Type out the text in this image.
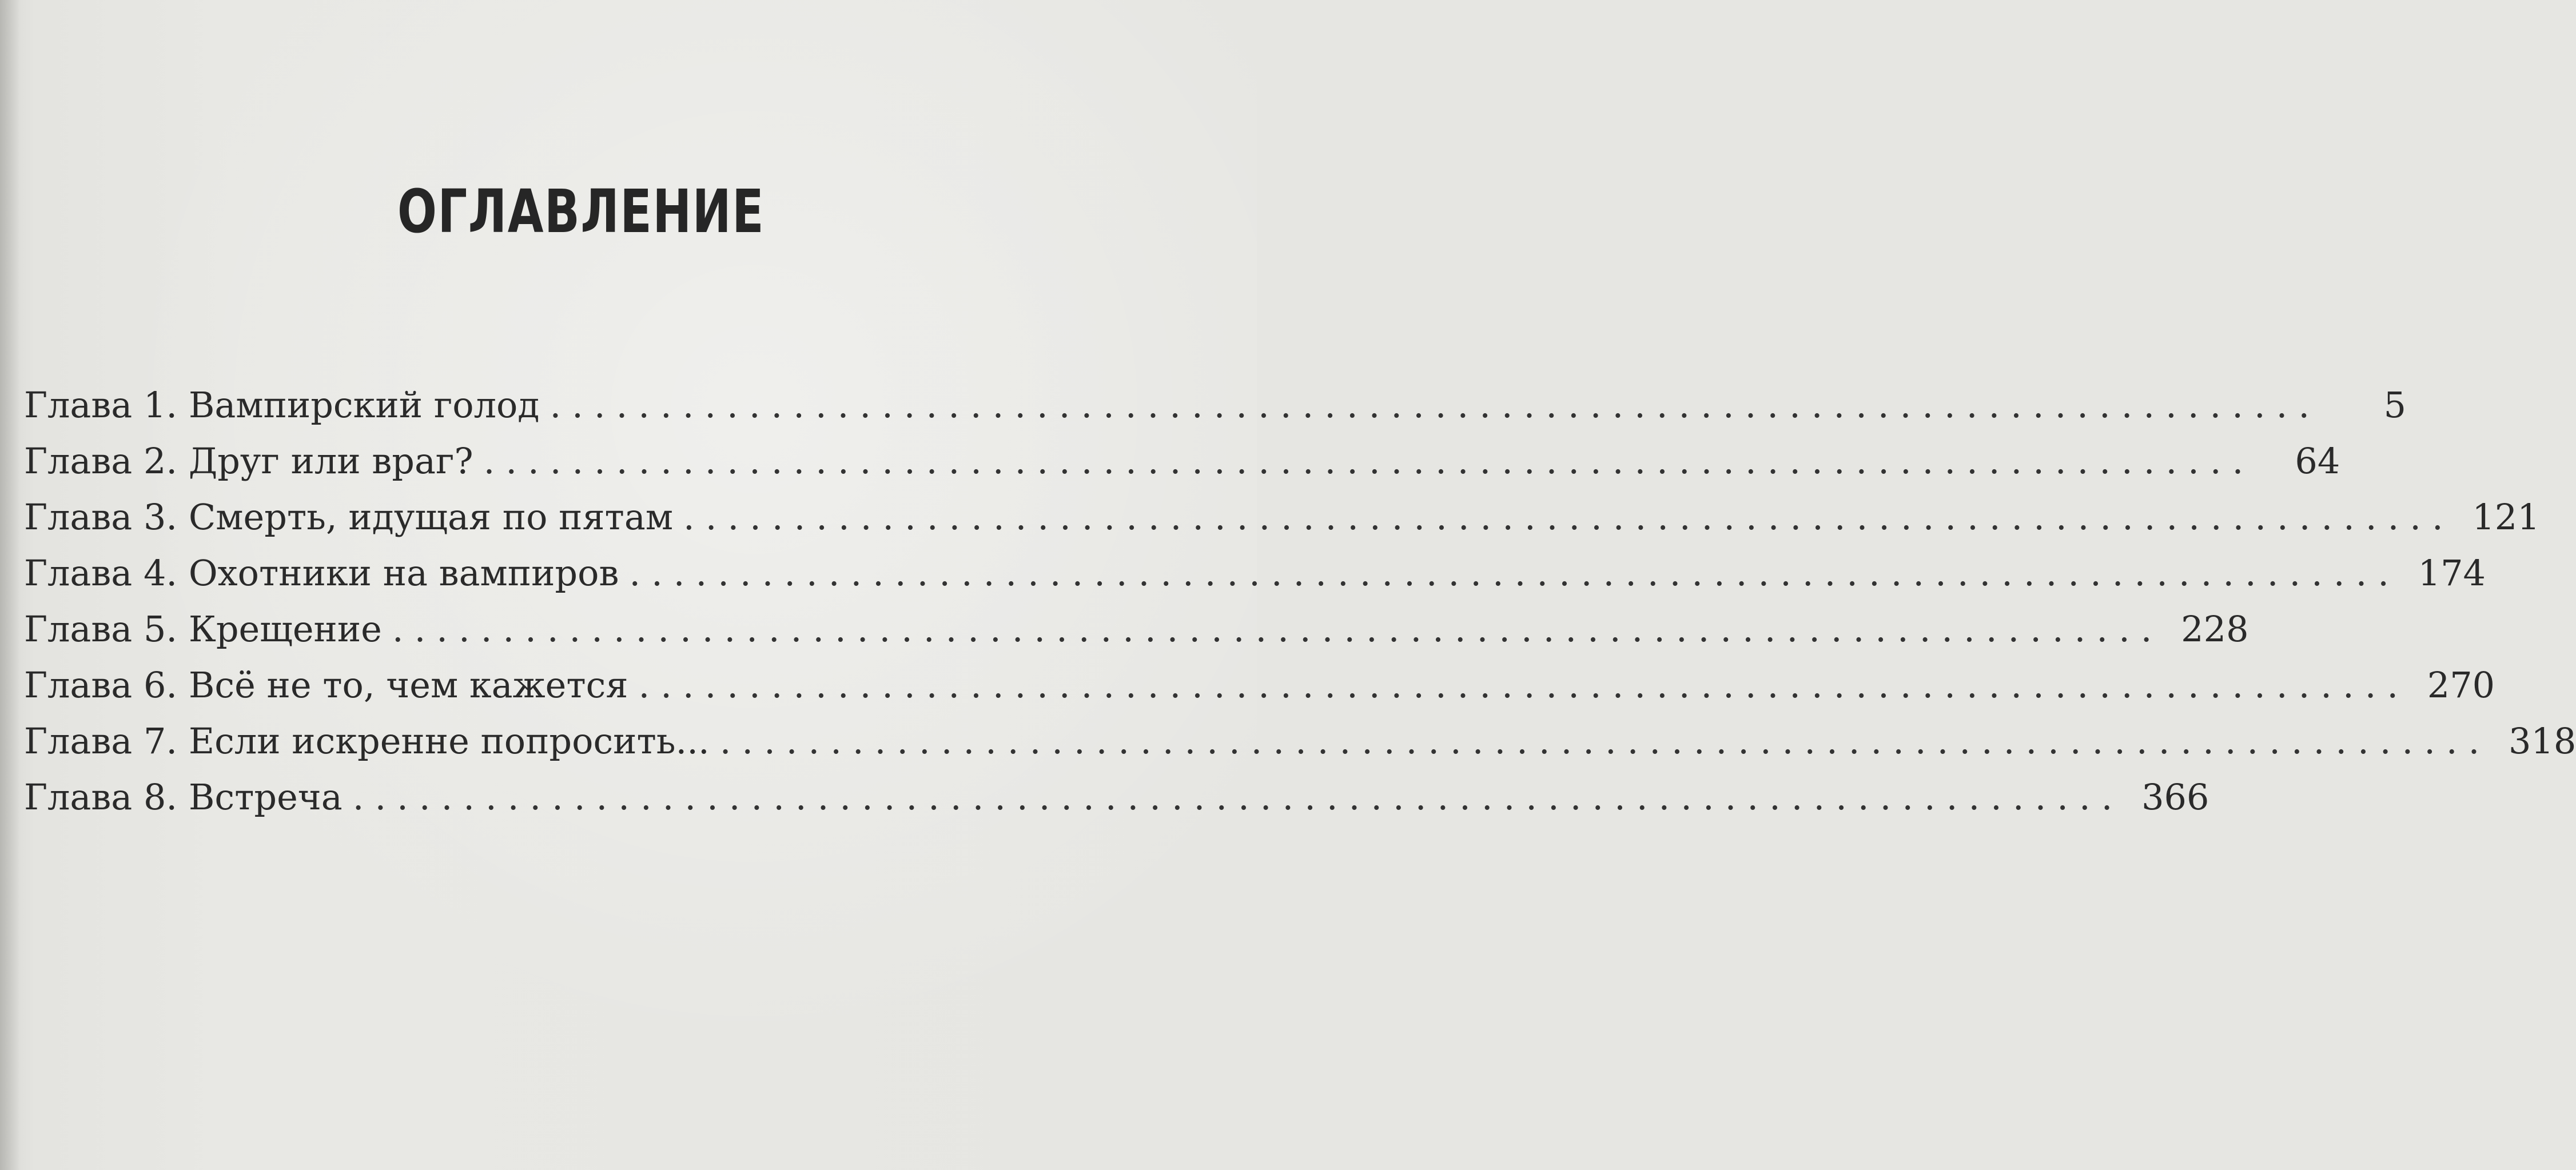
ОГЛАВЛЕНИЕ
Глава 1. Вампирский голод ................................................................................	5
Глава 2. Друг или враг? ................................................................................	64
Глава 3. Смерть, идущая по пятам ................................................................................ 121
Глава 4. Охотники на вампиров ................................................................................ 174
Глава 5. Крещение ................................................................................ 228
Глава 6. Всё не то, чем кажется ................................................................................ 270
Глава 7. Если искренне попросить... ................................................................................ 318
Глава 8. Встреча ................................................................................ 366
